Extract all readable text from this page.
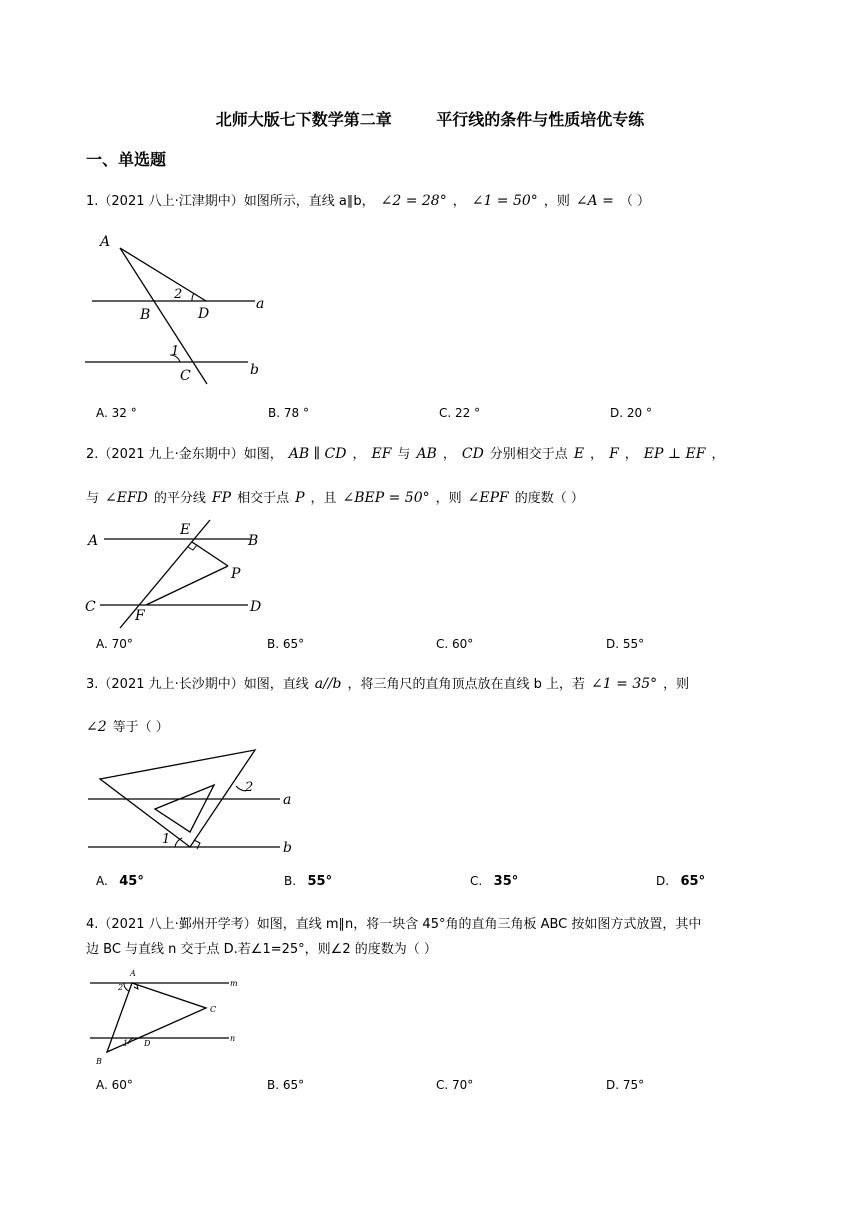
北师大版七下数学第二章        平行线的条件与性质培优专练
一、单选题
1.（2021 八上·江津期中）如图所示，直线 a∥b， ∠2 = 28° ， ∠1 = 50° ，则 ∠A = （ ）
A
B	D
C
a
b
1
2
A. 32 °	B. 78 °	C. 22 °	D. 20 °
2.（2021 九上·金东期中）如图， AB ∥ CD ， EF 与 AB ， CD 分别相交于点 E ， F ， EP ⊥ EF ，
与 ∠EFD 的平分线 FP 相交于点 P ，且 ∠BEP = 50° ，则 ∠EPF 的度数（ ）
A	B
C	D
E
F
P
A. 70°	B. 65°	C. 60°	D. 55°
3.（2021 九上·长沙期中）如图，直线 a//b ，将三角尺的直角顶点放在直线 b 上，若 ∠1 = 35° ，则
∠2 等于（ ）
1
2
a
b
A. 45°	B. 55°	C. 35°	D. 65°
4.（2021 八上·鄞州开学考）如图，直线 m∥n，将一块含 45°角的直角三角板 ABC 按如图方式放置，其中
边 BC 与直线 n 交于点 D.若∠1=25°，则∠2 的度数为（ ）
A
B
C
D
m
n
1
2
A. 60°	B. 65°	C. 70°	D. 75°
